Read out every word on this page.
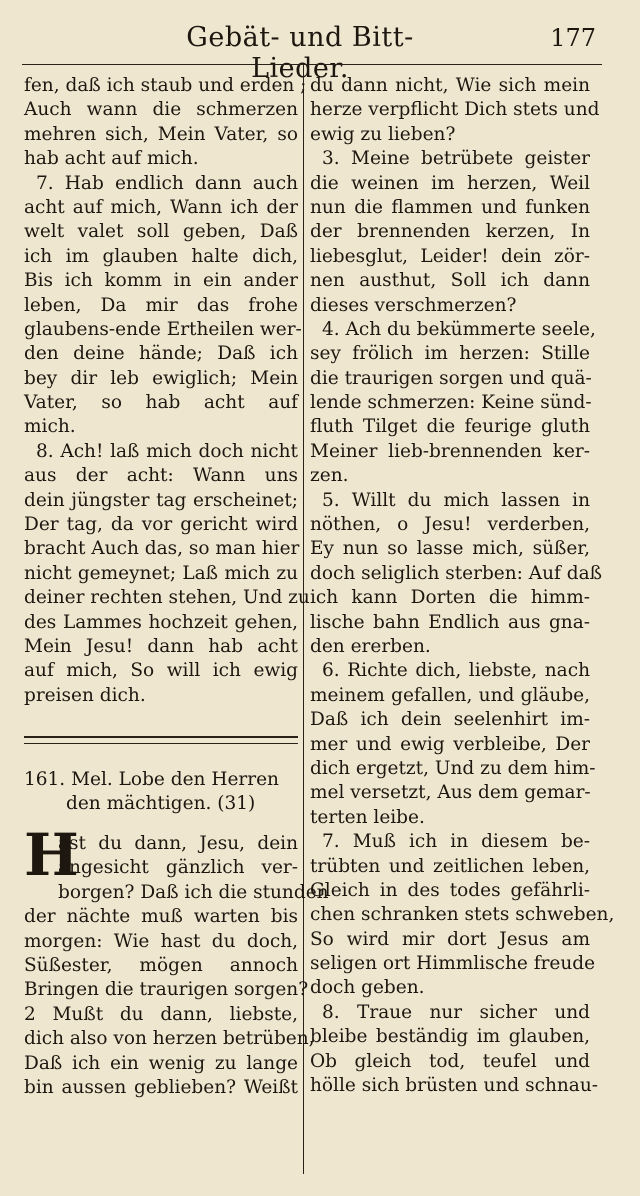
Gebät- und Bitt-Lieder.
177
fen, daß ich staub und erden ;
Auch wann die schmerzen
mehren sich, Mein Vater, so
hab acht auf mich.
7. Hab endlich dann auch
acht auf mich, Wann ich der
welt valet soll geben, Daß
ich im glauben halte dich,
Bis ich komm in ein ander
leben, Da mir das frohe
glaubens-ende Ertheilen wer-
den deine hände; Daß ich
bey dir leb ewiglich; Mein
Vater, so hab acht auf
mich.
8. Ach! laß mich doch nicht
aus der acht: Wann uns
dein jüngster tag erscheinet;
Der tag, da vor gericht wird
bracht Auch das, so man hier
nicht gemeynet; Laß mich zu
deiner rechten stehen, Und zu
des Lammes hochzeit gehen,
Mein Jesu! dann hab acht
auf mich, So will ich ewig
preisen dich.
161. Mel. Lobe den Herren
den mächtigen. (31)
H
ast du dann, Jesu, dein
angesicht gänzlich ver-
borgen? Daß ich die stunden
der nächte muß warten bis
morgen: Wie hast du doch,
Süßester, mögen annoch
Bringen die traurigen sorgen?
2 Mußt du dann, liebste,
dich also von herzen betrüben,
Daß ich ein wenig zu lange
bin aussen geblieben? Weißt
du dann nicht, Wie sich mein
herze verpflicht Dich stets und
ewig zu lieben?
3. Meine betrübete geister
die weinen im herzen, Weil
nun die flammen und funken
der brennenden kerzen, In
liebesglut, Leider! dein zör-
nen austhut, Soll ich dann
dieses verschmerzen?
4. Ach du bekümmerte seele,
sey frölich im herzen: Stille
die traurigen sorgen und quä-
lende schmerzen: Keine sünd-
fluth Tilget die feurige gluth
Meiner lieb-brennenden ker-
zen.
5. Willt du mich lassen in
nöthen, o Jesu! verderben,
Ey nun so lasse mich, süßer,
doch seliglich sterben: Auf daß
ich kann Dorten die himm-
lische bahn Endlich aus gna-
den ererben.
6. Richte dich, liebste, nach
meinem gefallen, und gläube,
Daß ich dein seelenhirt im-
mer und ewig verbleibe, Der
dich ergetzt, Und zu dem him-
mel versetzt, Aus dem gemar-
terten leibe.
7. Muß ich in diesem be-
trübten und zeitlichen leben,
Gleich in des todes gefährli-
chen schranken stets schweben,
So wird mir dort Jesus am
seligen ort Himmlische freude
doch geben.
8. Traue nur sicher und
bleibe beständig im glauben,
Ob gleich tod, teufel und
hölle sich brüsten und schnau-
